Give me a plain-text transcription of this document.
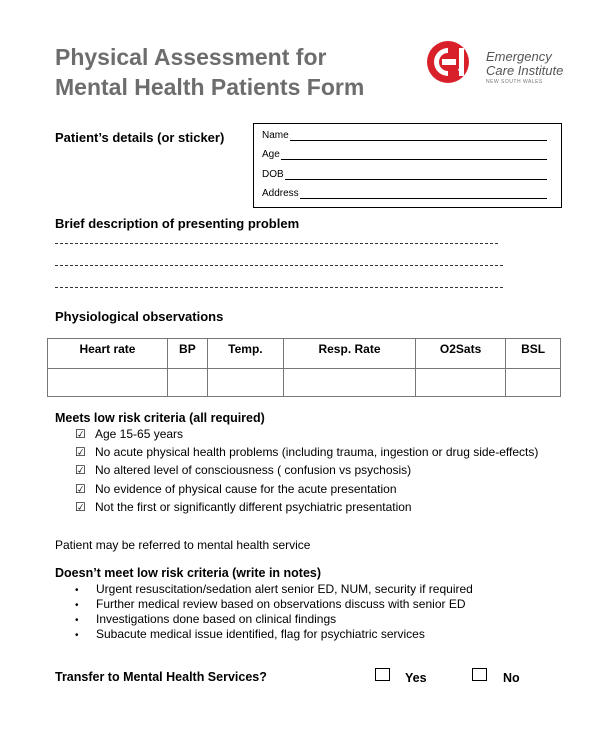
Physical Assessment for
Mental Health Patients Form
Emergency
Care Institute
NEW SOUTH WALES
Patient’s details (or sticker)	Name
Age
DOB
Address
Brief description of presenting problem
Physiological observations
Heart rate	BP	Temp.	Resp. Rate	O2Sats	BSL

Meets low risk criteria (all required)
☑ Age 15-65 years
☑ No acute physical health problems (including trauma, ingestion or drug side-effects)
☑ No altered level of consciousness ( confusion vs psychosis)
☑ No evidence of physical cause for the acute presentation
☑ Not the first or significantly different psychiatric presentation
Patient may be referred to mental health service
Doesn’t meet low risk criteria (write in notes)
• Urgent resuscitation/sedation alert senior ED, NUM, security if required
• Further medical review based on observations discuss with senior ED
• Investigations done based on clinical findings
• Subacute medical issue identified, flag for psychiatric services
Transfer to Mental Health Services?	Yes	No
